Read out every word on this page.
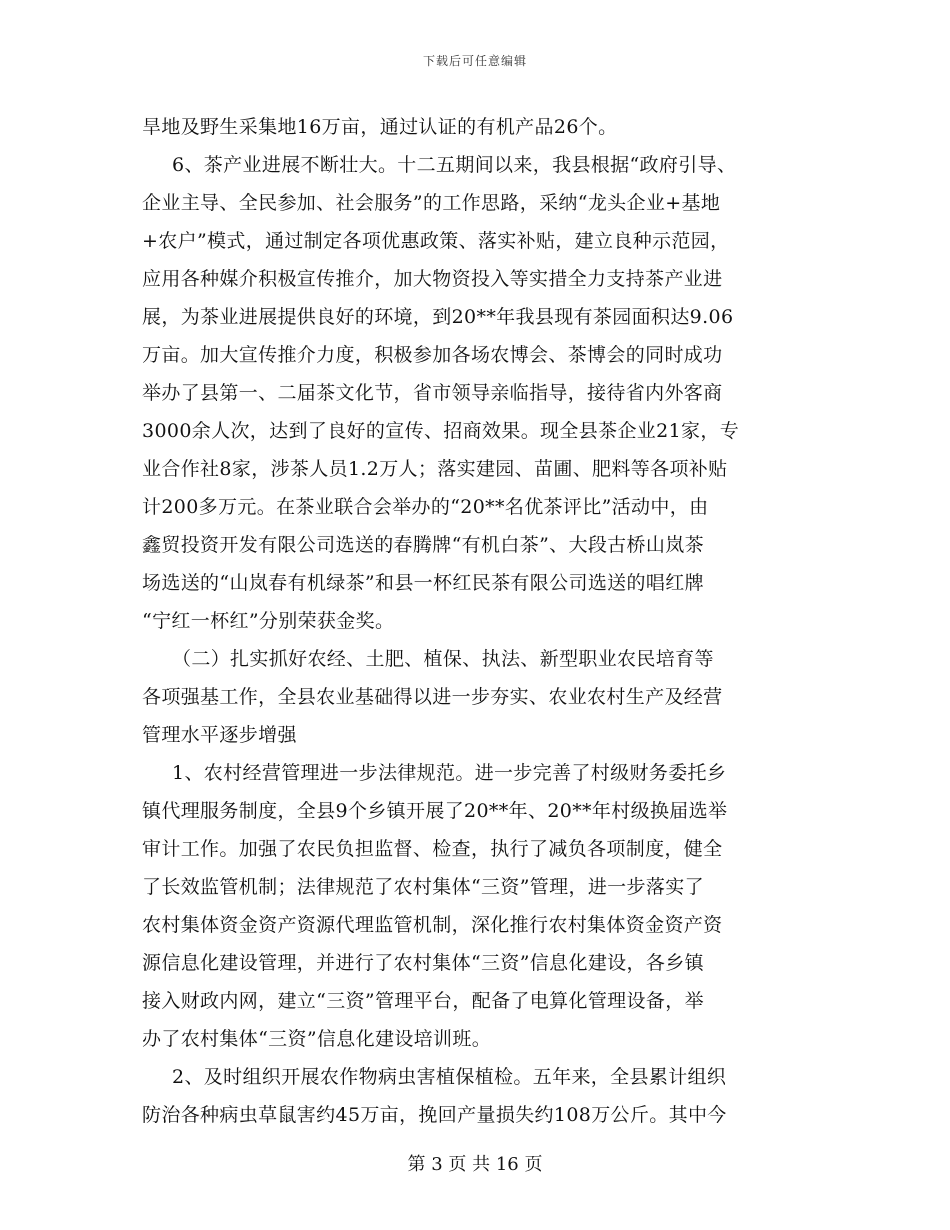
下载后可任意编辑
旱地及野生采集地16万亩，通过认证的有机产品26个。
6、茶产业进展不断壮大。十二五期间以来，我县根据“政府引导、
企业主导、全民参加、社会服务”的工作思路，采纳“龙头企业+基地
+农户”模式，通过制定各项优惠政策、落实补贴，建立良种示范园，
应用各种媒介积极宣传推介，加大物资投入等实措全力支持茶产业进
展，为茶业进展提供良好的环境，到20**年我县现有茶园面积达9.06
万亩。加大宣传推介力度，积极参加各场农博会、茶博会的同时成功
举办了县第一、二届茶文化节，省市领导亲临指导，接待省内外客商
3000余人次，达到了良好的宣传、招商效果。现全县茶企业21家，专
业合作社8家，涉茶人员1.2万人；落实建园、苗圃、肥料等各项补贴
计200多万元。在茶业联合会举办的“20**名优茶评比”活动中，由
鑫贸投资开发有限公司选送的春腾牌“有机白茶”、大段古桥山岚茶
场选送的“山岚春有机绿茶”和县一杯红民茶有限公司选送的唱红牌
“宁红一杯红”分别荣获金奖。
（二）扎实抓好农经、土肥、植保、执法、新型职业农民培育等
各项强基工作，全县农业基础得以进一步夯实、农业农村生产及经营
管理水平逐步增强
1、农村经营管理进一步法律规范。进一步完善了村级财务委托乡
镇代理服务制度，全县9个乡镇开展了20**年、20**年村级换届选举
审计工作。加强了农民负担监督、检查，执行了减负各项制度，健全
了长效监管机制；法律规范了农村集体“三资”管理，进一步落实了
农村集体资金资产资源代理监管机制，深化推行农村集体资金资产资
源信息化建设管理，并进行了农村集体“三资”信息化建设，各乡镇
接入财政内网，建立“三资”管理平台，配备了电算化管理设备，举
办了农村集体“三资”信息化建设培训班。
2、及时组织开展农作物病虫害植保植检。五年来，全县累计组织
防治各种病虫草鼠害约45万亩，挽回产量损失约108万公斤。其中今
第 3 页 共 16 页
